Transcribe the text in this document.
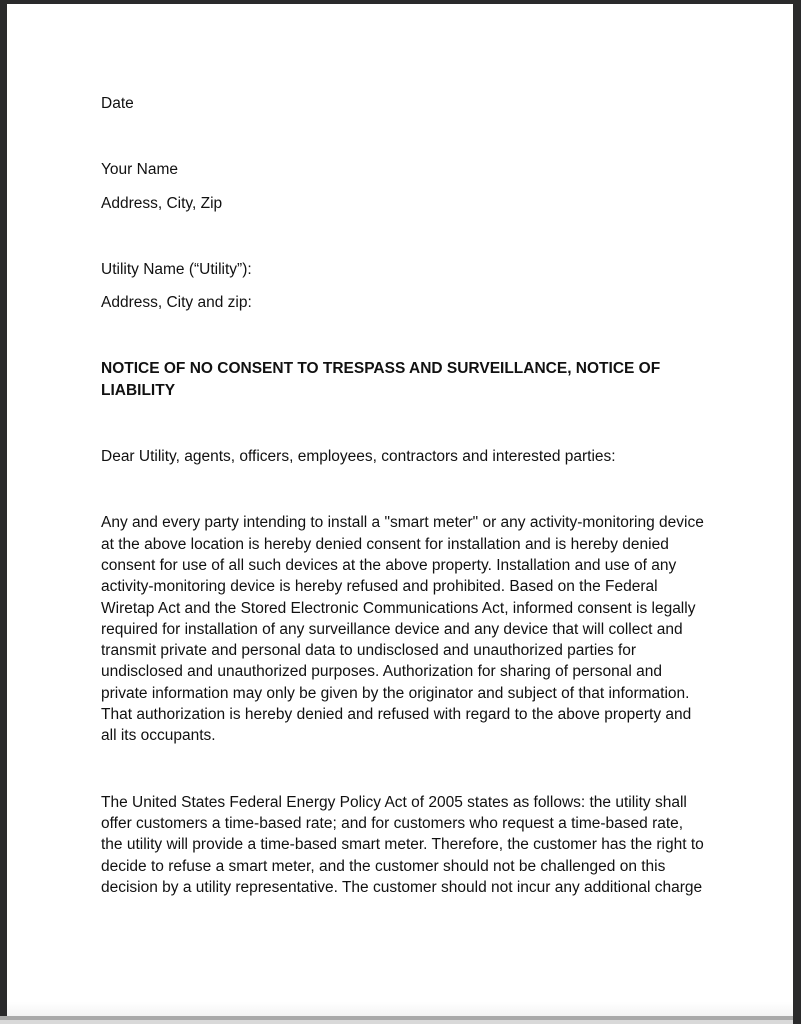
Date

Your Name

Address, City, Zip

Utility Name (“Utility”):

Address, City and zip:

NOTICE OF NO CONSENT TO TRESPASS AND SURVEILLANCE, NOTICE OF LIABILITY

Dear Utility, agents, officers, employees, contractors and interested parties:

Any and every party intending to install a "smart meter" or any activity-monitoring device at the above location is hereby denied consent for installation and is hereby denied consent for use of all such devices at the above property. Installation and use of any activity-monitoring device is hereby refused and prohibited. Based on the Federal Wiretap Act and the Stored Electronic Communications Act, informed consent is legally required for installation of any surveillance device and any device that will collect and transmit private and personal data to undisclosed and unauthorized parties for undisclosed and unauthorized purposes. Authorization for sharing of personal and private information may only be given by the originator and subject of that information. That authorization is hereby denied and refused with regard to the above property and all its occupants.

The United States Federal Energy Policy Act of 2005 states as follows: the utility shall offer customers a time-based rate; and for customers who request a time-based rate, the utility will provide a time-based smart meter. Therefore, the customer has the right to decide to refuse a smart meter, and the customer should not be challenged on this decision by a utility representative. The customer should not incur any additional charge
